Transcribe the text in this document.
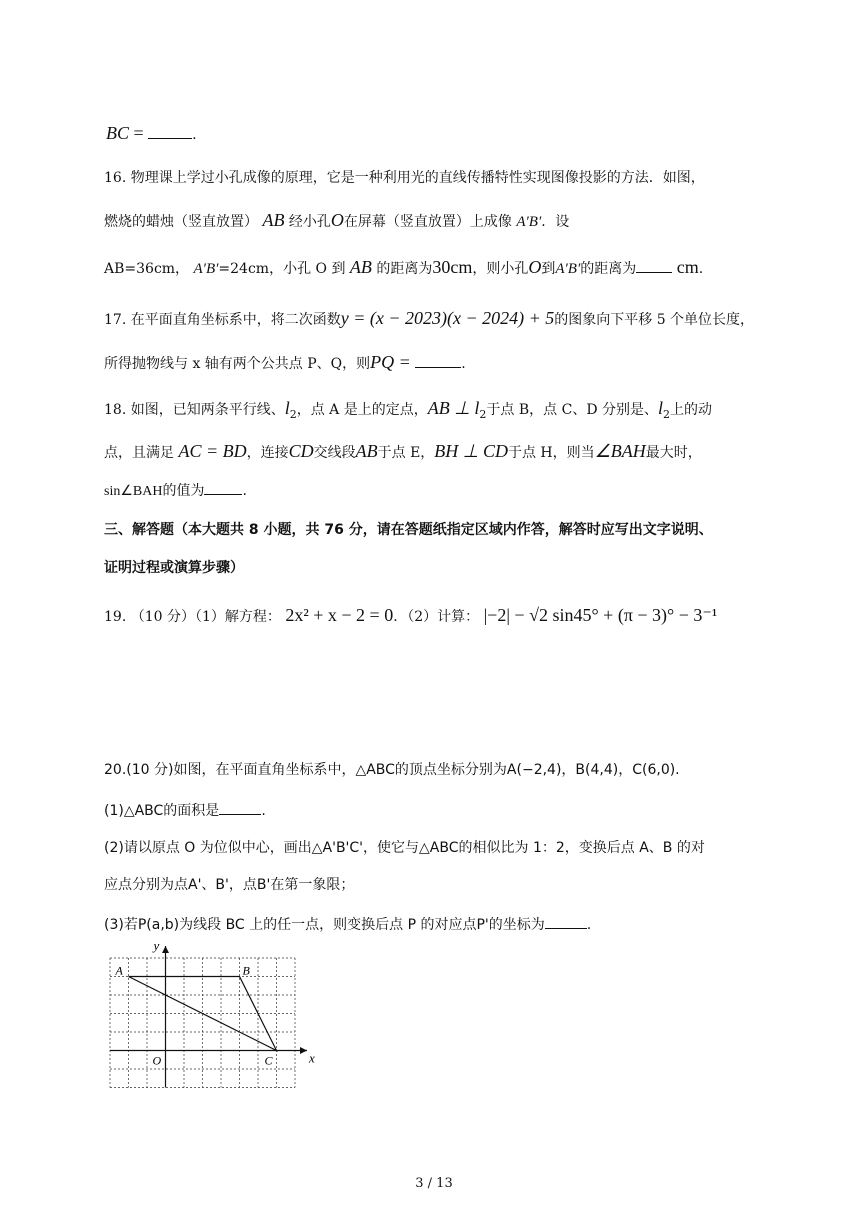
BC =	.
16. 物理课上学过小孔成像的原理，它是一种利用光的直线传播特性实现图像投影的方法．如图，
燃烧的蜡烛（竖直放置） AB 经小孔O在屏幕（竖直放置）上成像 A′B′．设
AB=36cm， A′B′=24cm，小孔 O 到 AB 的距离为30cm，则小孔O到A′B′的距离为 cm.
17. 在平面直角坐标系中，将二次函数y = (x − 2023)(x − 2024) + 5的图象向下平移 5 个单位长度，
所得抛物线与 x 轴有两个公共点 P、Q，则PQ =	.
18. 如图，已知两条平行线、$l_2$，点 A 是上的定点，AB ⊥ $l_2$于点 B，点 C、D 分别是、$l_2$上的动
点，且满足 AC = BD，连接CD交线段AB于点 E，BH ⊥ CD于点 H，则当∠BAH最大时，
sin∠BAH的值为	.
三、解答题（本大题共 8 小题，共 76 分，请在答题纸指定区域内作答，解答时应写出文字说明、
证明过程或演算步骤）
19. （10 分）（1）解方程： 2x² + x − 2 = 0．（2）计算： |−2| − √2 sin45° + (π − 3)° − 3⁻¹
20.(10 分)如图，在平面直角坐标系中，△ABC的顶点坐标分别为A(−2,4)，B(4,4)，C(6,0).
(1)△ABC的面积是	.
(2)请以原点 O 为位似中心，画出△A'B'C'，使它与△ABC的相似比为 1：2，变换后点 A、B 的对
应点分别为点A'、B'，点B'在第一象限；
(3)若P(a,b)为线段 BC 上的任一点，则变换后点 P 的对应点P'的坐标为	.
A	B
C
O	x
y
3 / 13
